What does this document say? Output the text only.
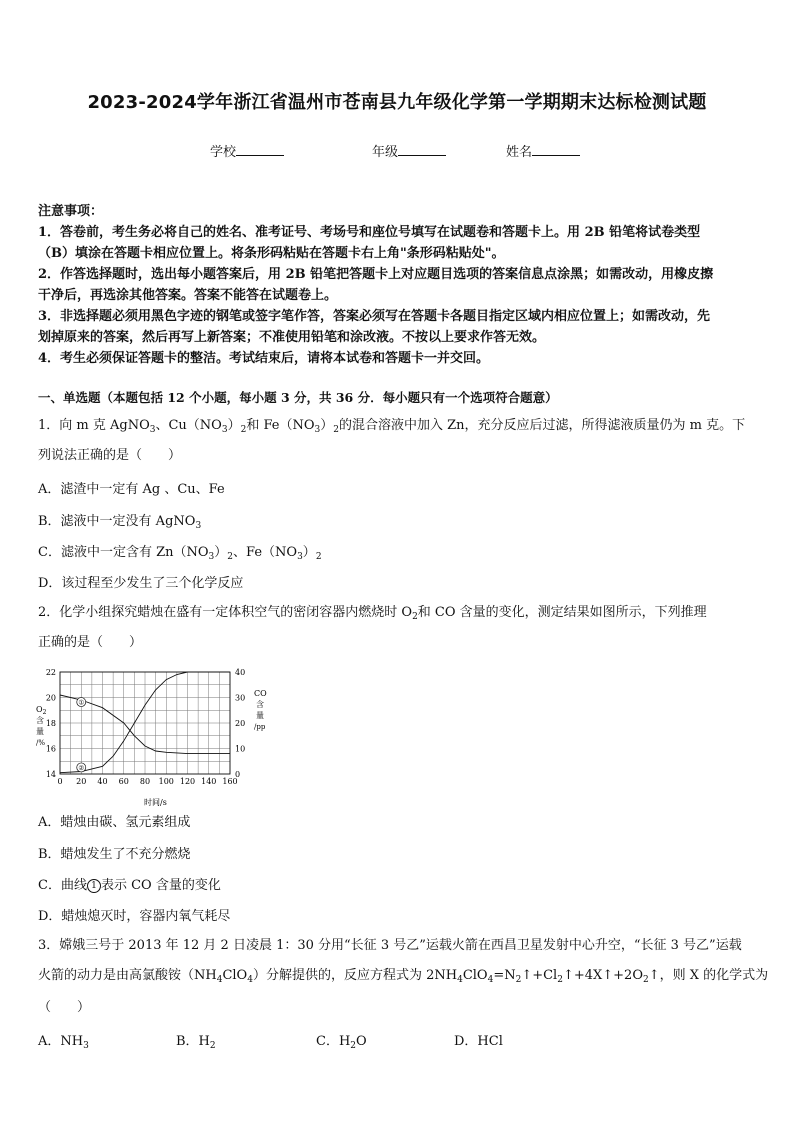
2023-2024学年浙江省温州市苍南县九年级化学第一学期期末达标检测试题
学校	年级	姓名
注意事项：
1．答卷前，考生务必将自己的姓名、准考证号、考场号和座位号填写在试题卷和答题卡上。用 2B 铅笔将试卷类型
（B）填涂在答题卡相应位置上。将条形码粘贴在答题卡右上角"条形码粘贴处"。
2．作答选择题时，选出每小题答案后，用 2B 铅笔把答题卡上对应题目选项的答案信息点涂黑；如需改动，用橡皮擦
干净后，再选涂其他答案。答案不能答在试题卷上。
3．非选择题必须用黑色字迹的钢笔或签字笔作答，答案必须写在答题卡各题目指定区域内相应位置上；如需改动，先
划掉原来的答案，然后再写上新答案；不准使用铅笔和涂改液。不按以上要求作答无效。
4．考生必须保证答题卡的整洁。考试结束后，请将本试卷和答题卡一并交回。
一、单选题（本题包括 12 个小题，每小题 3 分，共 36 分．每小题只有一个选项符合题意）
1．向 m 克 AgNO$_3$、$Cu(NO_3)_2$和 $Fe(NO_3)_2$的混合溶液中加入 Zn，充分反应后过滤，所得滤液质量仍为 m 克。下
列说法正确的是（　　）
A．滤渣中一定有 Ag 、Cu、Fe
B．滤液中一定没有 AgNO$_3$
C．滤液中一定含有 $Zn(NO_3)_2$、$Fe(NO_3)_2$
D．该过程至少发生了三个化学反应
2．化学小组探究蜡烛在盛有一定体积空气的密闭容器内燃烧时 $O_2$和 CO 含量的变化，测定结果如图所示，下列推理
正确的是（　　）
①
②
0 20 40 60 80 100 120 140 160
14
16
18
20
22
0
10
20
30
40
$O_2$
含
量
/%
CO
含
量
/pp
时间/s
A．蜡烛由碳、氢元素组成
B．蜡烛发生了不充分燃烧
C．曲线 1 表示 CO 含量的变化
D．蜡烛熄灭时，容器内氧气耗尽
3．嫦娥三号于 2013 年 12 月 2 日凌晨 1：30 分用“长征 3 号乙”运载火箭在西昌卫星发射中心升空，“长征 3 号乙”运载
火箭的动力是由高氯酸铵$(NH_4ClO_4)$分解提供的，反应方程式为 $2NH_4ClO_4=N_2↑+Cl_2↑+4X↑+2O_2↑$，则 X 的化学式为
（　　）
A．$NH_3$	B．$H_2$	C．$H_2O$	D．HCl
